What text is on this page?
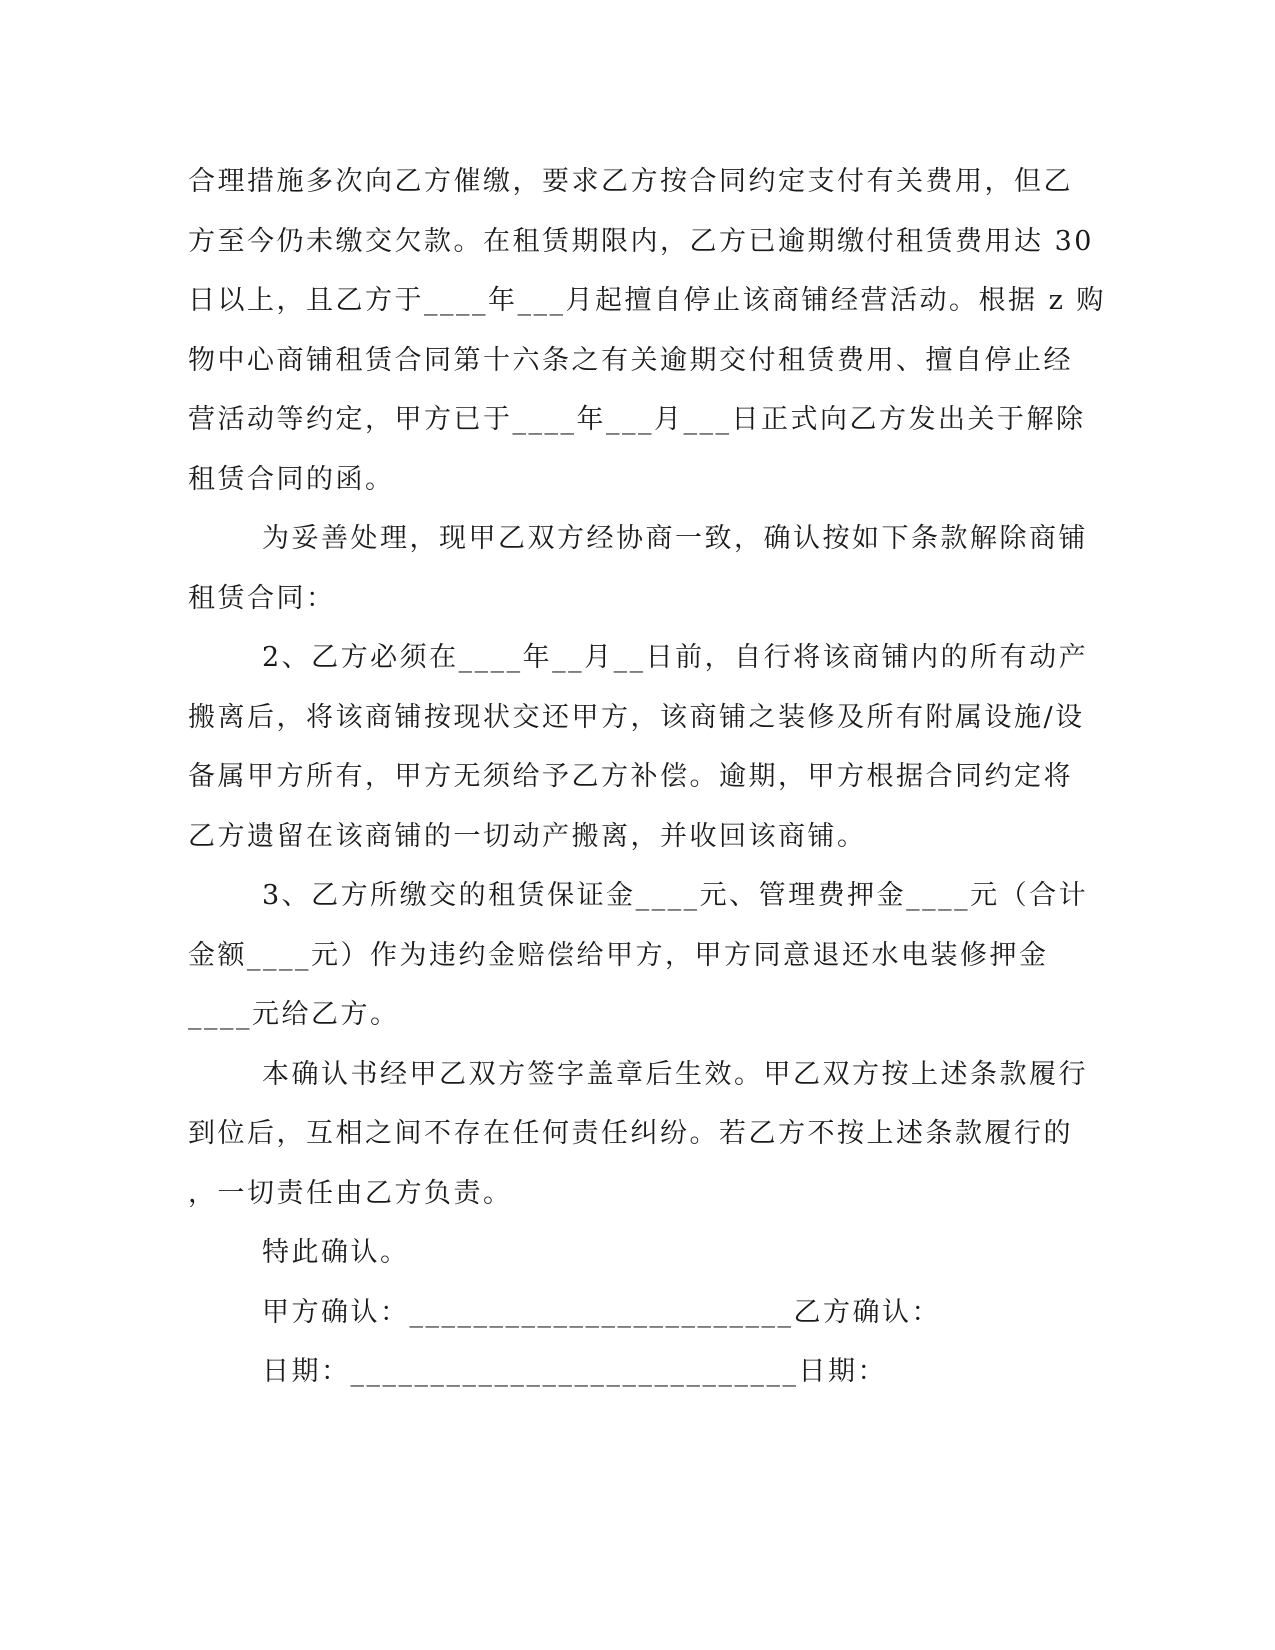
合理措施多次向乙方催缴，要求乙方按合同约定支付有关费用，但乙
方至今仍未缴交欠款。在租赁期限内，乙方已逾期缴付租赁费用达 30
日以上，且乙方于____年___月起擅自停止该商铺经营活动。根据 z 购
物中心商铺租赁合同第十六条之有关逾期交付租赁费用、擅自停止经
营活动等约定，甲方已于____年___月___日正式向乙方发出关于解除
租赁合同的函。
为妥善处理，现甲乙双方经协商一致，确认按如下条款解除商铺
租赁合同：
2、乙方必须在____年__月__日前，自行将该商铺内的所有动产
搬离后，将该商铺按现状交还甲方，该商铺之装修及所有附属设施/设
备属甲方所有，甲方无须给予乙方补偿。逾期，甲方根据合同约定将
乙方遗留在该商铺的一切动产搬离，并收回该商铺。
3、乙方所缴交的租赁保证金____元、管理费押金____元（合计
金额____元）作为违约金赔偿给甲方，甲方同意退还水电装修押金
____元给乙方。
本确认书经甲乙双方签字盖章后生效。甲乙双方按上述条款履行
到位后，互相之间不存在任何责任纠纷。若乙方不按上述条款履行的
，一切责任由乙方负责。
特此确认。
甲方确认：________________________乙方确认：
日期：____________________________日期：
